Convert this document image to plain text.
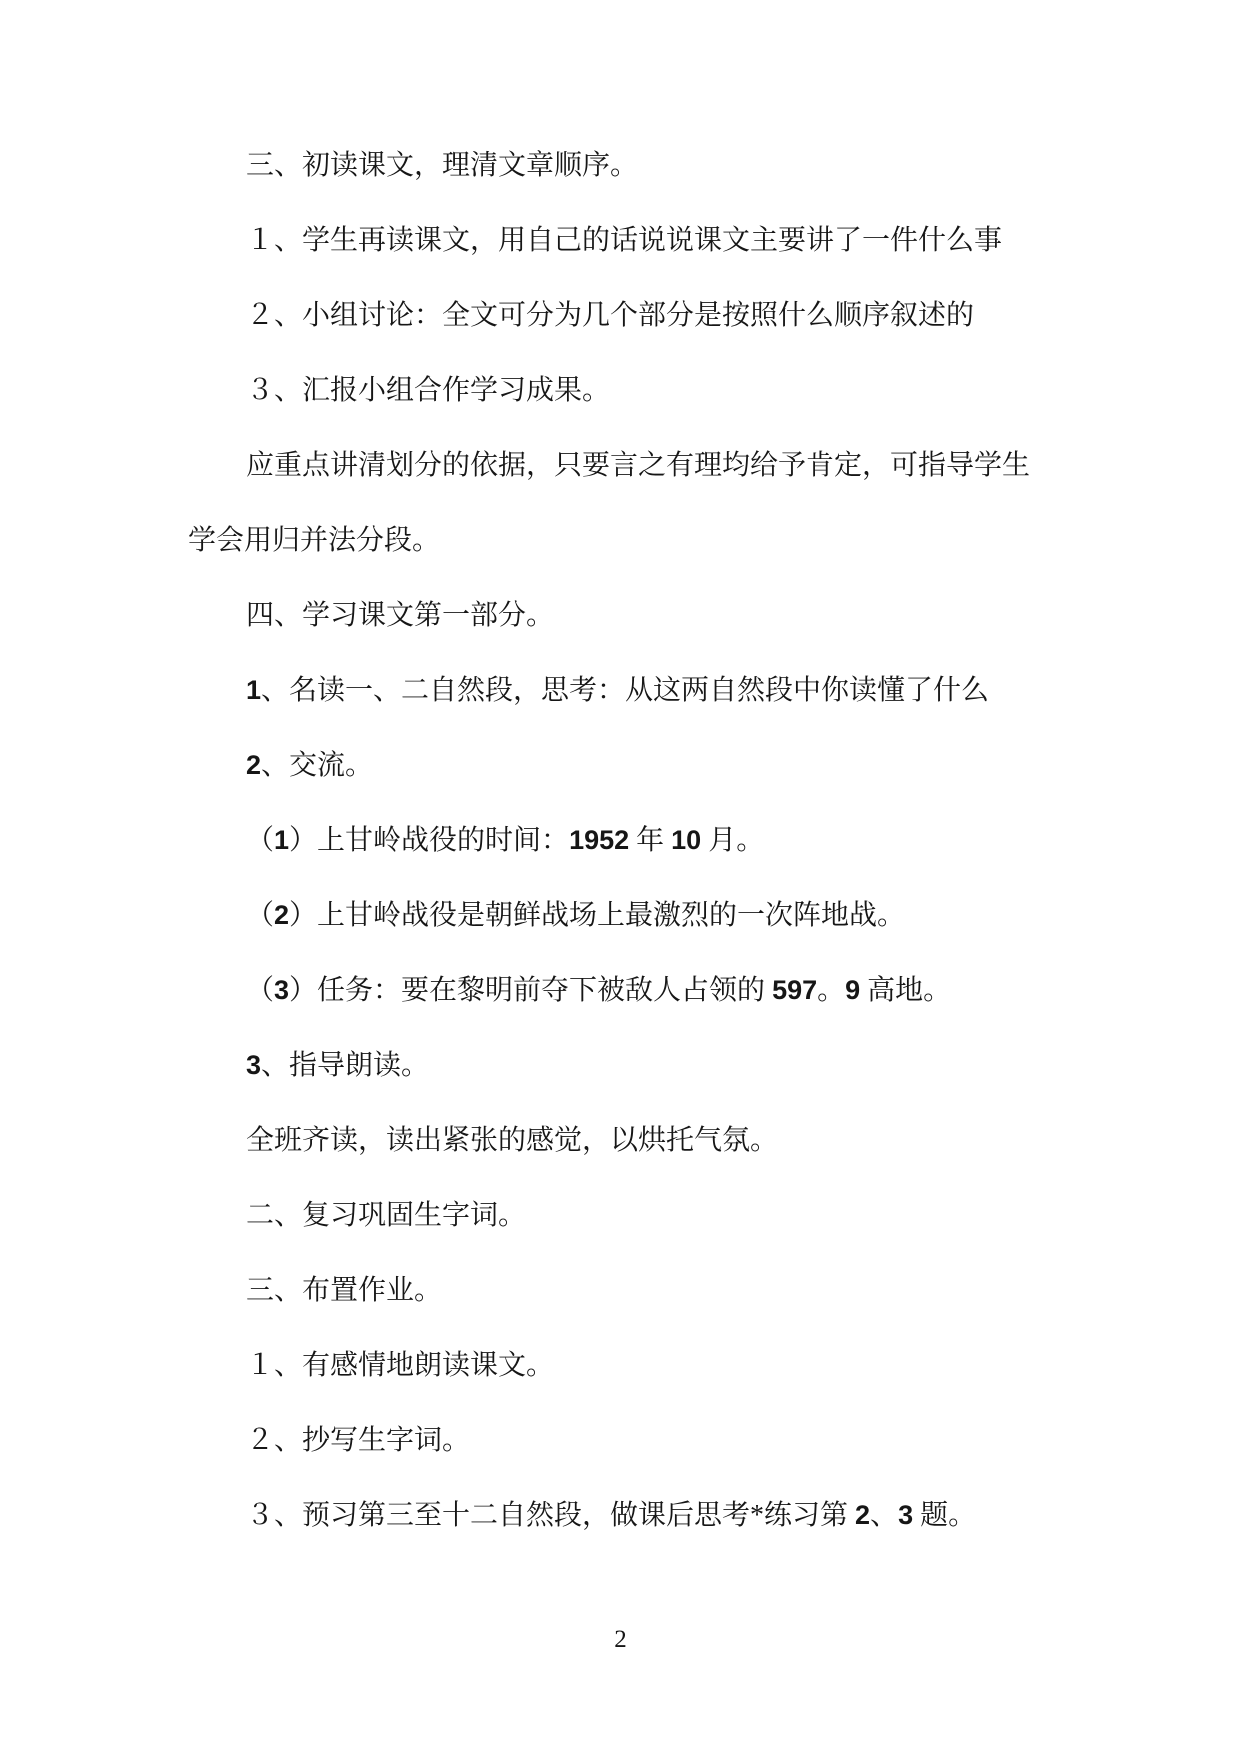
三、初读课文，理清文章顺序。
１、学生再读课文，用自己的话说说课文主要讲了一件什么事
２、小组讨论：全文可分为几个部分是按照什么顺序叙述的
３、汇报小组合作学习成果。
应重点讲清划分的依据，只要言之有理均给予肯定，可指导学生
学会用归并法分段。
四、学习课文第一部分。
1、名读一、二自然段，思考：从这两自然段中你读懂了什么
2、交流。
（1）上甘岭战役的时间：1952 年 10 月。
（2）上甘岭战役是朝鲜战场上最激烈的一次阵地战。
（3）任务：要在黎明前夺下被敌人占领的 597。9 高地。
3、指导朗读。
全班齐读，读出紧张的感觉，以烘托气氛。
二、复习巩固生字词。
三、布置作业。
１、有感情地朗读课文。
２、抄写生字词。
３、预习第三至十二自然段，做课后思考*练习第 2、3 题。
2
